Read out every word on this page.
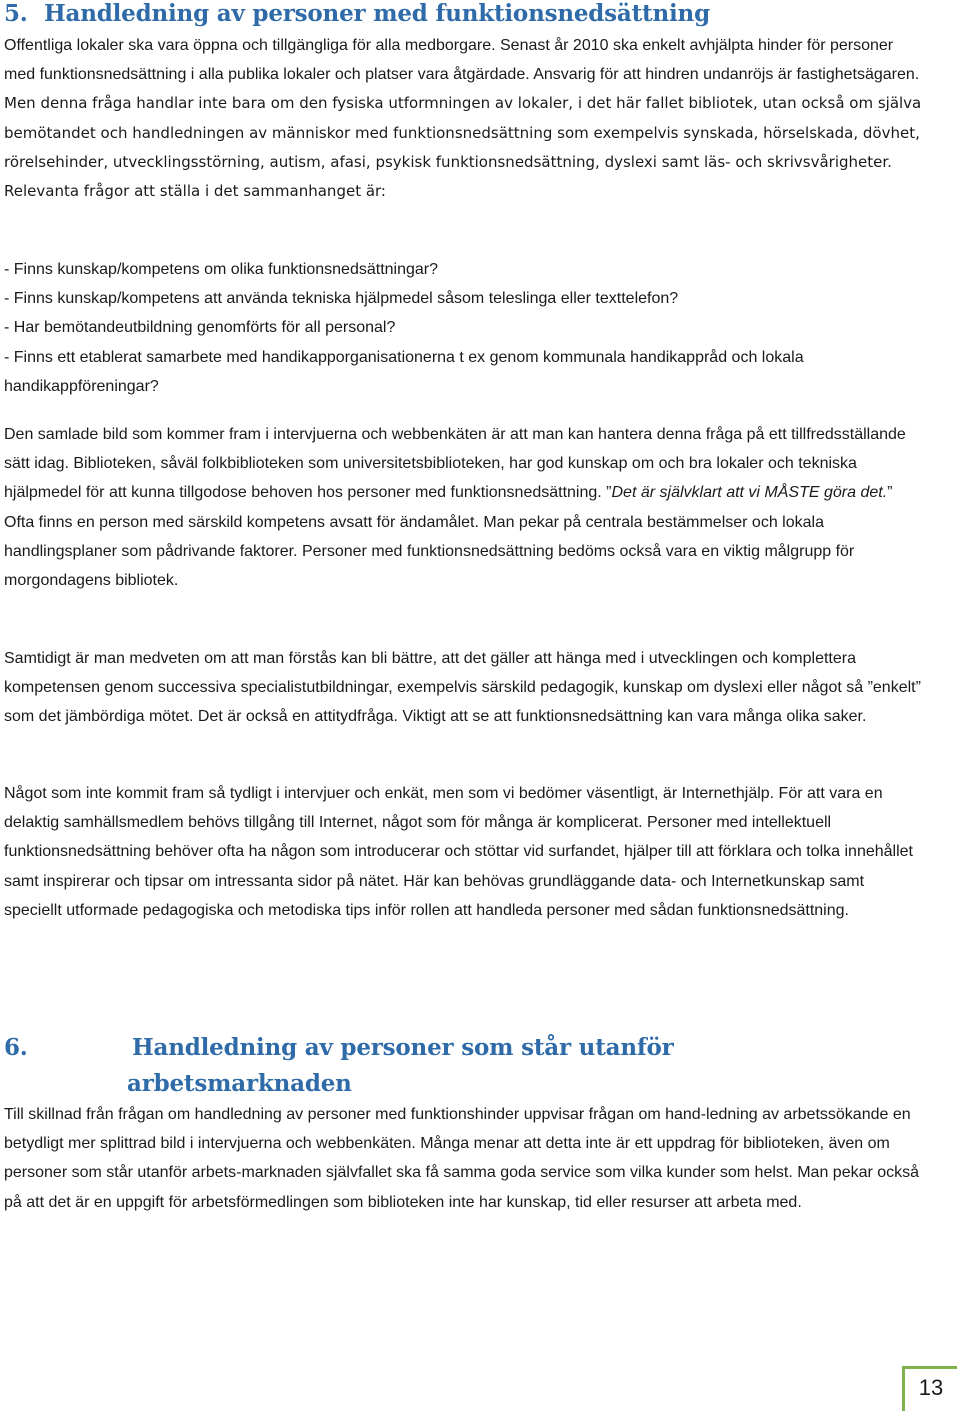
5. Handledning av personer med funktionsnedsättning

Offentliga lokaler ska vara öppna och tillgängliga för alla medborgare. Senast år 2010 ska enkelt avhjälpta hinder för personer med funktionsnedsättning i alla publika lokaler och platser vara åtgärdade. Ansvarig för att hindren undanröjs är fastighetsägaren. Men denna fråga handlar inte bara om den fysiska utformningen av lokaler, i det här fallet bibliotek, utan också om själva bemötandet och handledningen av människor med funktionsnedsättning som exempelvis synskada, hörselskada, dövhet, rörelsehinder, utvecklingsstörning, autism, afasi, psykisk funktionsnedsättning, dyslexi samt läs- och skrivsvårigheter. Relevanta frågor att ställa i det sammanhanget är:

- Finns kunskap/kompetens om olika funktionsnedsättningar?
- Finns kunskap/kompetens att använda tekniska hjälpmedel såsom teleslinga eller texttelefon?
- Har bemötandeutbildning genomförts för all personal?
- Finns ett etablerat samarbete med handikapporganisationerna t ex genom kommunala handikappråd och lokala handikappföreningar?

Den samlade bild som kommer fram i intervjuerna och webbenkäten är att man kan hantera denna fråga på ett tillfredsställande sätt idag. Biblioteken, såväl folkbiblioteken som universitetsbiblioteken, har god kunskap om och bra lokaler och tekniska hjälpmedel för att kunna tillgodose behoven hos personer med funktionsnedsättning. ”Det är självklart att vi MÅSTE göra det.” Ofta finns en person med särskild kompetens avsatt för ändamålet. Man pekar på centrala bestämmelser och lokala handlingsplaner som pådrivande faktorer. Personer med funktionsnedsättning bedöms också vara en viktig målgrupp för morgondagens bibliotek.

Samtidigt är man medveten om att man förstås kan bli bättre, att det gäller att hänga med i utvecklingen och komplettera kompetensen genom successiva specialistutbildningar, exempelvis särskild pedagogik, kunskap om dyslexi eller något så ”enkelt” som det jämbördiga mötet. Det är också en attitydfråga. Viktigt att se att funktionsnedsättning kan vara många olika saker.

Något som inte kommit fram så tydligt i intervjuer och enkät, men som vi bedömer väsentligt, är Internethjälp. För att vara en delaktig samhällsmedlem behövs tillgång till Internet, något som för många är komplicerat. Personer med intellektuell funktionsnedsättning behöver ofta ha någon som introducerar och stöttar vid surfandet, hjälper till att förklara och tolka innehållet samt inspirerar och tipsar om intressanta sidor på nätet. Här kan behövas grundläggande data- och Internetkunskap samt speciellt utformade pedagogiska och metodiska tips inför rollen att handleda personer med sådan funktionsnedsättning.

6.	Handledning av personer som står utanför
arbetsmarknaden

Till skillnad från frågan om handledning av personer med funktionshinder uppvisar frågan om hand-ledning av arbetssökande en betydligt mer splittrad bild i intervjuerna och webbenkäten. Många menar att detta inte är ett uppdrag för biblioteken, även om personer som står utanför arbets-marknaden självfallet ska få samma goda service som vilka kunder som helst. Man pekar också på att det är en uppgift för arbetsförmedlingen som biblioteken inte har kunskap, tid eller resurser att arbeta med.

13
